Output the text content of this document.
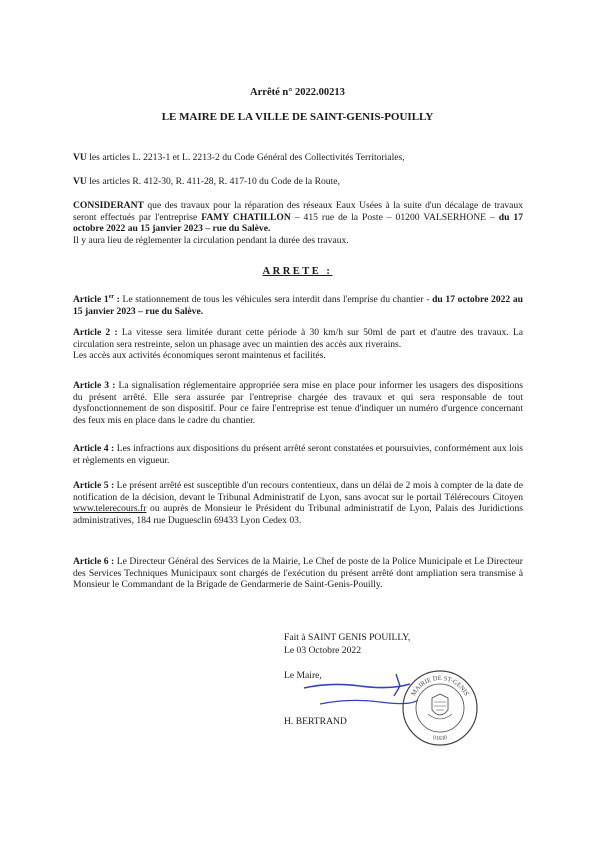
Arrêté n° 2022.00213
LE MAIRE DE LA VILLE DE SAINT-GENIS-POUILLY
VU les articles L. 2213-1 et L. 2213-2 du Code Général des Collectivités Territoriales,
VU les articles R. 412-30, R. 411-28, R. 417-10 du Code de la Route,
CONSIDERANT que des travaux pour la réparation des réseaux Eaux Usées à la suite d'un décalage de travaux seront effectués par l'entreprise FAMY CHATILLON – 415 rue de la Poste – 01200 VALSERHONE – du 17 octobre 2022 au 15 janvier 2023 – rue du Salève.
Il y aura lieu de réglementer la circulation pendant la durée des travaux.
ARRETE :
Article 1er : Le stationnement de tous les véhicules sera interdit dans l'emprise du chantier - du 17 octobre 2022 au 15 janvier 2023 – rue du Salève.
Article 2 : La vitesse sera limitée durant cette période à 30 km/h sur 50ml de part et d'autre des travaux. La circulation sera restreinte, selon un phasage avec un maintien des accès aux riverains.
Les accès aux activités économiques seront maintenus et facilités.
Article 3 : La signalisation réglementaire appropriée sera mise en place pour informer les usagers des dispositions du présent arrêté. Elle sera assurée par l'entreprise chargée des travaux et qui sera responsable de tout dysfonctionnement de son dispositif. Pour ce faire l'entreprise est tenue d'indiquer un numéro d'urgence concernant des feux mis en place dans le cadre du chantier.
Article 4 : Les infractions aux dispositions du présent arrêté seront constatées et poursuivies, conformément aux lois et règlements en vigueur.
Article 5 : Le présent arrêté est susceptible d'un recours contentieux, dans un délai de 2 mois à compter de la date de notification de la décision, devant le Tribunal Administratif de Lyon, sans avocat sur le portail Télérecours Citoyen www.telerecours.fr ou auprès de Monsieur le Président du Tribunal administratif de Lyon, Palais des Juridictions administratives, 184 rue Duguesclin 69433 Lyon Cedex 03.
Article 6 : Le Directeur Général des Services de la Mairie, Le Chef de poste de la Police Municipale et Le Directeur des Services Techniques Municipaux sont chargés de l'exécution du présent arrêté dont ampliation sera transmise à Monsieur le Commandant de la Brigade de Gendarmerie de Saint-Genis-Pouilly.
Fait à SAINT GENIS POUILLY,
Le 03 Octobre 2022
Le Maire,
H. BERTRAND
MAIRIE DE ST-GENIS
01630
